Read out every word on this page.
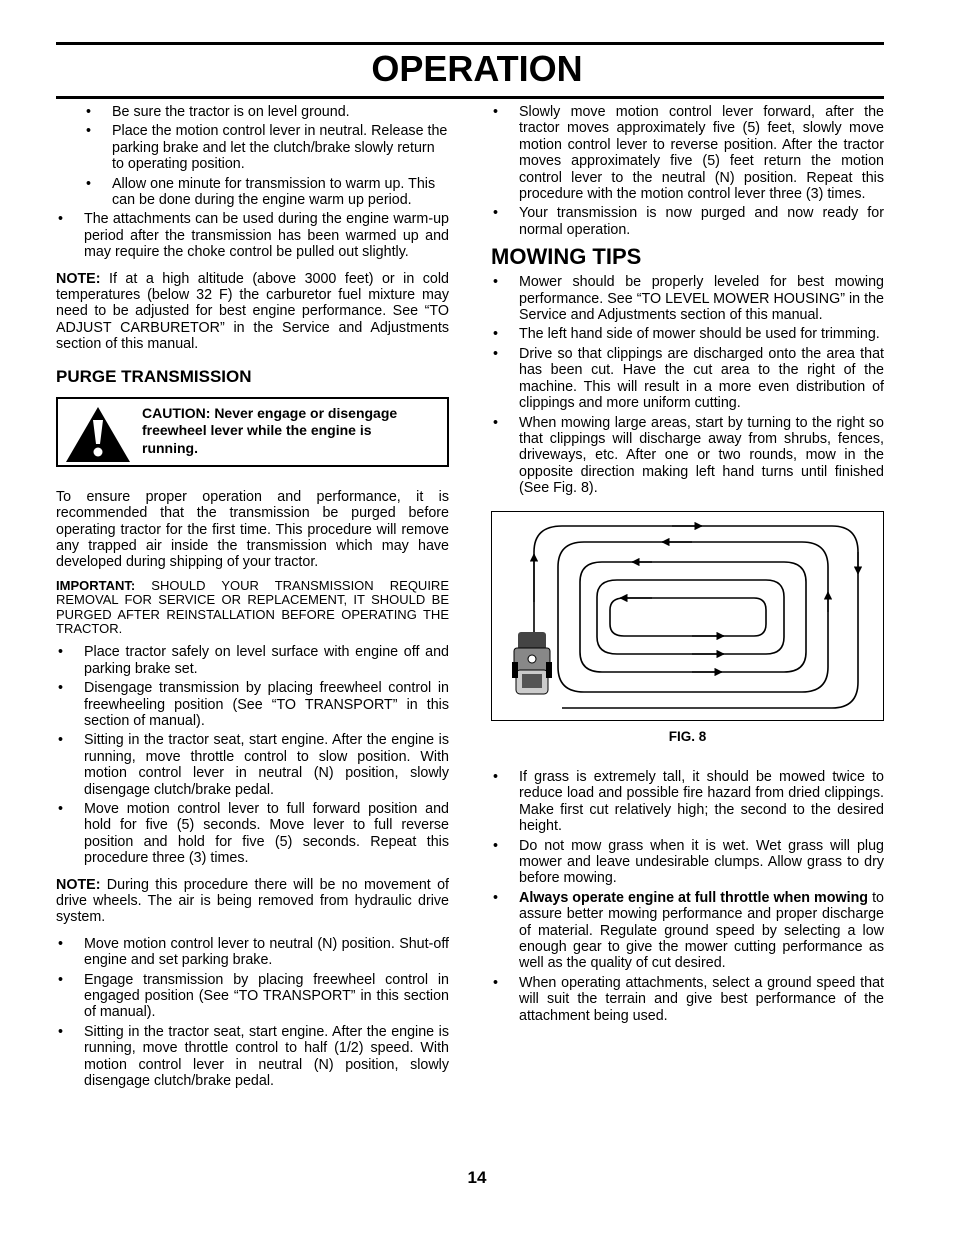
OPERATION
• Be sure the tractor is on level ground.
• Place the motion control lever in neutral. Release the parking brake and let the clutch/brake slowly return to operating position.
• Allow one minute for transmission to warm up. This can be done during the engine warm up period.
• The attachments can be used during the engine warm-up period after the transmission has been warmed up and may require the choke control be pulled out slightly.

NOTE: If at a high altitude (above 3000 feet) or in cold temperatures (below 32 F) the carburetor fuel mixture may need to be adjusted for best engine performance. See “TO ADJUST CARBURETOR” in the Service and Adjustments section of this manual.

PURGE TRANSMISSION
CAUTION: Never engage or disengage freewheel lever while the engine is running.

To ensure proper operation and performance, it is recommended that the transmission be purged before operating tractor for the first time. This procedure will remove any trapped air inside the transmission which may have developed during shipping of your tractor.

IMPORTANT: SHOULD YOUR TRANSMISSION REQUIRE REMOVAL FOR SERVICE OR REPLACEMENT, IT SHOULD BE PURGED AFTER REINSTALLATION BEFORE OPERATING THE TRACTOR.

• Place tractor safely on level surface with engine off and parking brake set.
• Disengage transmission by placing freewheel control in freewheeling position (See “TO TRANSPORT” in this section of manual).
• Sitting in the tractor seat, start engine. After the engine is running, move throttle control to slow position. With motion control lever in neutral (N) position, slowly disengage clutch/brake pedal.
• Move motion control lever to full forward position and hold for five (5) seconds. Move lever to full reverse position and hold for five (5) seconds. Repeat this procedure three (3) times.

NOTE: During this procedure there will be no movement of drive wheels. The air is being removed from hydraulic drive system.

• Move motion control lever to neutral (N) position. Shut-off engine and set parking brake.
• Engage transmission by placing freewheel control in engaged position (See “TO TRANSPORT” in this section of manual).
• Sitting in the tractor seat, start engine. After the engine is running, move throttle control to half (1/2) speed. With motion control lever in neutral (N) position, slowly disengage clutch/brake pedal.
• Slowly move motion control lever forward, after the tractor moves approximately five (5) feet, slowly move motion control lever to reverse position. After the tractor moves approximately five (5) feet return the motion control lever to the neutral (N) position. Repeat this procedure with the motion control lever three (3) times.
• Your transmission is now purged and now ready for normal operation.
MOWING TIPS
• Mower should be properly leveled for best mowing performance. See “TO LEVEL MOWER HOUSING” in the Service and Adjustments section of this manual.
• The left hand side of mower should be used for trimming.
• Drive so that clippings are discharged onto the area that has been cut. Have the cut area to the right of the machine. This will result in a more even distribution of clippings and more uniform cutting.
• When mowing large areas, start by turning to the right so that clippings will discharge away from shrubs, fences, driveways, etc. After one or two rounds, mow in the opposite direction making left hand turns until finished (See Fig. 8).
FIG. 8
• If grass is extremely tall, it should be mowed twice to reduce load and possible fire hazard from dried clippings. Make first cut relatively high; the second to the desired height.
• Do not mow grass when it is wet. Wet grass will plug mower and leave undesirable clumps. Allow grass to dry before mowing.
• Always operate engine at full throttle when mowing to assure better mowing performance and proper discharge of material. Regulate ground speed by selecting a low enough gear to give the mower cutting performance as well as the quality of cut desired.
• When operating attachments, select a ground speed that will suit the terrain and give best performance of the attachment being used.
14
